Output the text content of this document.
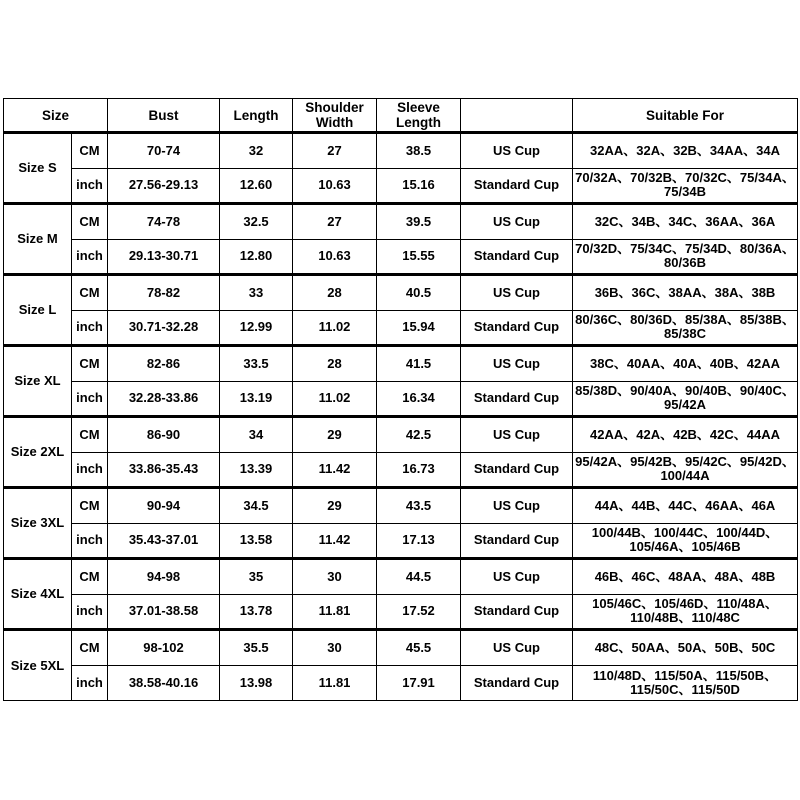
Size		Bust	Length	Shoulder Width	Sleeve Length		Suitable For
Size S	CM	70-74	32	27	38.5	US Cup	32AA、32A、32B、34AA、34A
	inch	27.56-29.13	12.60	10.63	15.16	Standard Cup	70/32A、70/32B、70/32C、75/34A、75/34B
Size M	CM	74-78	32.5	27	39.5	US Cup	32C、34B、34C、36AA、36A
	inch	29.13-30.71	12.80	10.63	15.55	Standard Cup	70/32D、75/34C、75/34D、80/36A、80/36B
Size L	CM	78-82	33	28	40.5	US Cup	36B、36C、38AA、38A、38B
	inch	30.71-32.28	12.99	11.02	15.94	Standard Cup	80/36C、80/36D、85/38A、85/38B、85/38C
Size XL	CM	82-86	33.5	28	41.5	US Cup	38C、40AA、40A、40B、42AA
	inch	32.28-33.86	13.19	11.02	16.34	Standard Cup	85/38D、90/40A、90/40B、90/40C、95/42A
Size 2XL	CM	86-90	34	29	42.5	US Cup	42AA、42A、42B、42C、44AA
	inch	33.86-35.43	13.39	11.42	16.73	Standard Cup	95/42A、95/42B、95/42C、95/42D、100/44A
Size 3XL	CM	90-94	34.5	29	43.5	US Cup	44A、44B、44C、46AA、46A
	inch	35.43-37.01	13.58	11.42	17.13	Standard Cup	100/44B、100/44C、100/44D、105/46A、105/46B
Size 4XL	CM	94-98	35	30	44.5	US Cup	46B、46C、48AA、48A、48B
	inch	37.01-38.58	13.78	11.81	17.52	Standard Cup	105/46C、105/46D、110/48A、110/48B、110/48C
Size 5XL	CM	98-102	35.5	30	45.5	US Cup	48C、50AA、50A、50B、50C
	inch	38.58-40.16	13.98	11.81	17.91	Standard Cup	110/48D、115/50A、115/50B、115/50C、115/50D
